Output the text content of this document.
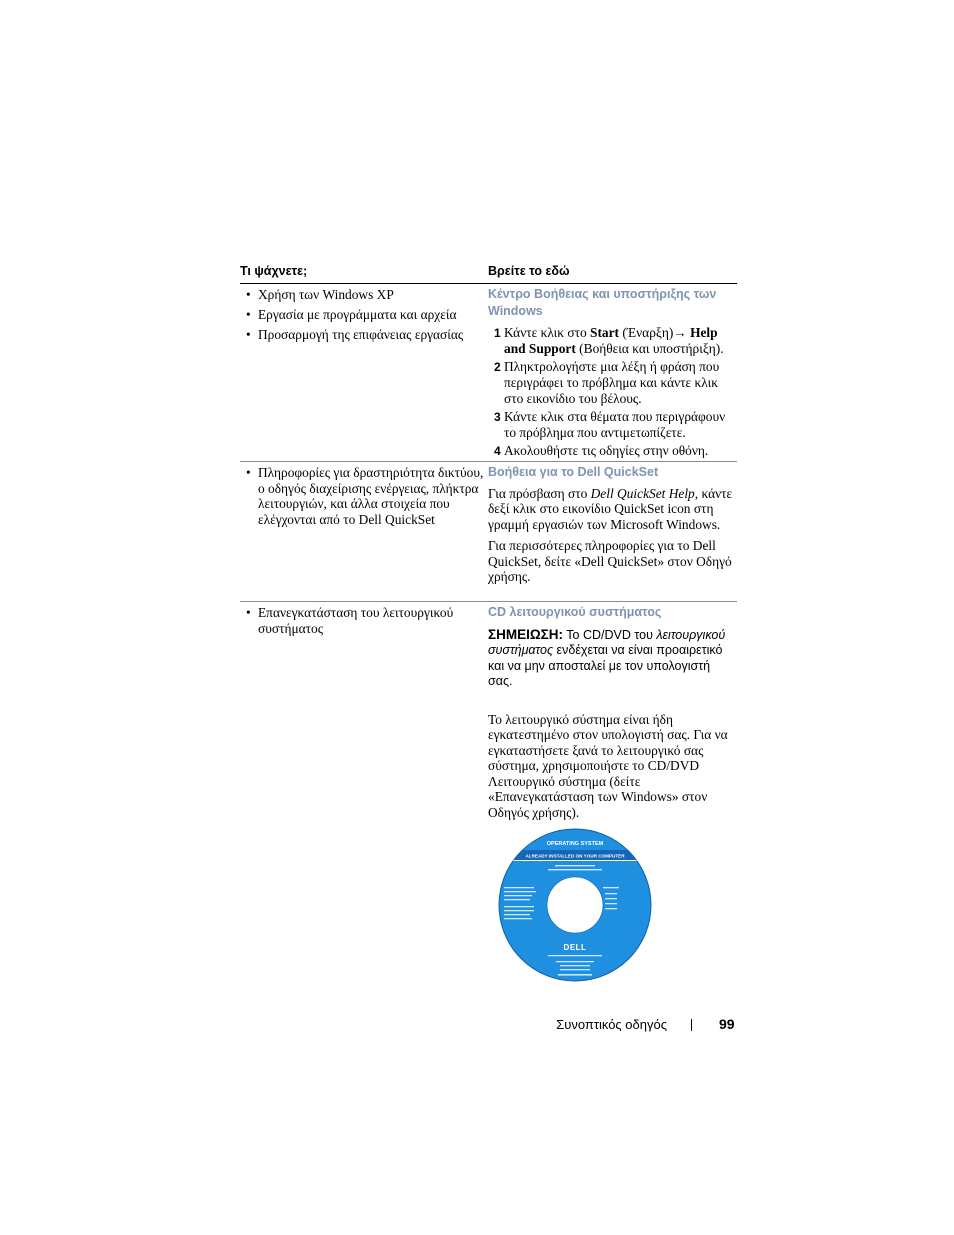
Τι ψάχνετε;	Βρείτε το εδώ
• Χρήση των Windows XP
• Εργασία με προγράμματα και αρχεία
• Προσαρμογή της επιφάνειας εργασίας

Κέντρο Βοήθειας και υποστήριξης των Windows

1 Κάντε κλικ στο Start (Έναρξη)→ Help and Support (Βοήθεια και υποστήριξη).
2 Πληκτρολογήστε μια λέξη ή φράση που περιγράφει το πρόβλημα και κάντε κλικ στο εικονίδιο του βέλους.
3 Κάντε κλικ στα θέματα που περιγράφουν το πρόβλημα που αντιμετωπίζετε.
4 Ακολουθήστε τις οδηγίες στην οθόνη.
• Πληροφορίες για δραστηριότητα δικτύου, ο οδηγός διαχείρισης ενέργειας, πλήκτρα λειτουργιών, και άλλα στοιχεία που ελέγχονται από το Dell QuickSet

Βοήθεια για το Dell QuickSet

Για πρόσβαση στο Dell QuickSet Help, κάντε δεξί κλικ στο εικονίδιο QuickSet icon στη γραμμή εργασιών των Microsoft Windows.

Για περισσότερες πληροφορίες για το Dell QuickSet, δείτε «Dell QuickSet» στον Οδηγό χρήσης.

• Επανεγκατάσταση του λειτουργικού συστήματος

CD λειτουργικού συστήματος

ΣΗΜΕΙΩΣΗ: Το CD/DVD του λειτουργικού συστήματος ενδέχεται να είναι προαιρετικό και να μην αποσταλεί με τον υπολογιστή σας.

Το λειτουργικό σύστημα είναι ήδη εγκατεστημένο στον υπολογιστή σας. Για να εγκαταστήσετε ξανά το λειτουργικό σας σύστημα, χρησιμοποιήστε το CD/DVD Λειτουργικό σύστημα (δείτε «Επανεγκατάσταση των Windows» στον Οδηγός χρήσης).

OPERATING SYSTEM
ALREADY INSTALLED ON YOUR COMPUTER
DELL
Συνοπτικός οδηγός	99
